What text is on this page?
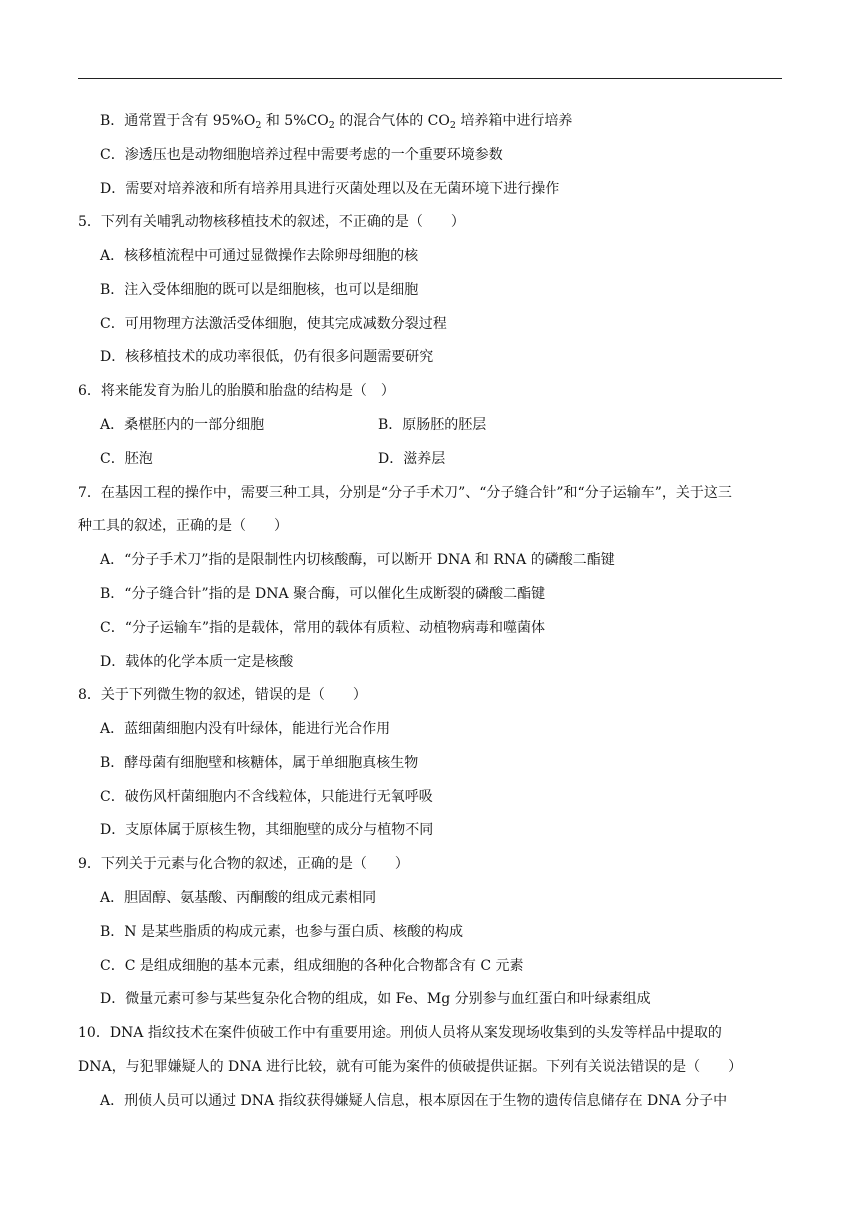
B．通常置于含有 $95\%O_2$ 和 $5\%CO_2$ 的混合气体的 $CO_2$ 培养箱中进行培养
C．渗透压也是动物细胞培养过程中需要考虑的一个重要环境参数
D．需要对培养液和所有培养用具进行灭菌处理以及在无菌环境下进行操作
5．下列有关哺乳动物核移植技术的叙述，不正确的是（　　）
A．核移植流程中可通过显微操作去除卵母细胞的核
B．注入受体细胞的既可以是细胞核，也可以是细胞
C．可用物理方法激活受体细胞，使其完成减数分裂过程
D．核移植技术的成功率很低，仍有很多问题需要研究
6．将来能发育为胎儿的胎膜和胎盘的结构是（　）
A．桑椹胚内的一部分细胞	B．原肠胚的胚层
C．胚泡	D．滋养层
7．在基因工程的操作中，需要三种工具，分别是“分子手术刀”、“分子缝合针”和“分子运输车”，关于这三
种工具的叙述，正确的是（　　）
A．“分子手术刀”指的是限制性内切核酸酶，可以断开 DNA 和 RNA 的磷酸二酯键
B．“分子缝合针”指的是 DNA 聚合酶，可以催化生成断裂的磷酸二酯键
C．“分子运输车”指的是载体，常用的载体有质粒、动植物病毒和噬菌体
D．载体的化学本质一定是核酸
8．关于下列微生物的叙述，错误的是（　　）
A．蓝细菌细胞内没有叶绿体，能进行光合作用
B．酵母菌有细胞壁和核糖体，属于单细胞真核生物
C．破伤风杆菌细胞内不含线粒体，只能进行无氧呼吸
D．支原体属于原核生物，其细胞壁的成分与植物不同
9．下列关于元素与化合物的叙述，正确的是（　　）
A．胆固醇、氨基酸、丙酮酸的组成元素相同
B．N 是某些脂质的构成元素，也参与蛋白质、核酸的构成
C．C 是组成细胞的基本元素，组成细胞的各种化合物都含有 C 元素
D．微量元素可参与某些复杂化合物的组成，如 Fe、Mg 分别参与血红蛋白和叶绿素组成
10．DNA 指纹技术在案件侦破工作中有重要用途。刑侦人员将从案发现场收集到的头发等样品中提取的
DNA，与犯罪嫌疑人的 DNA 进行比较，就有可能为案件的侦破提供证据。下列有关说法错误的是（　　）
A．刑侦人员可以通过 DNA 指纹获得嫌疑人信息，根本原因在于生物的遗传信息储存在 DNA 分子中
